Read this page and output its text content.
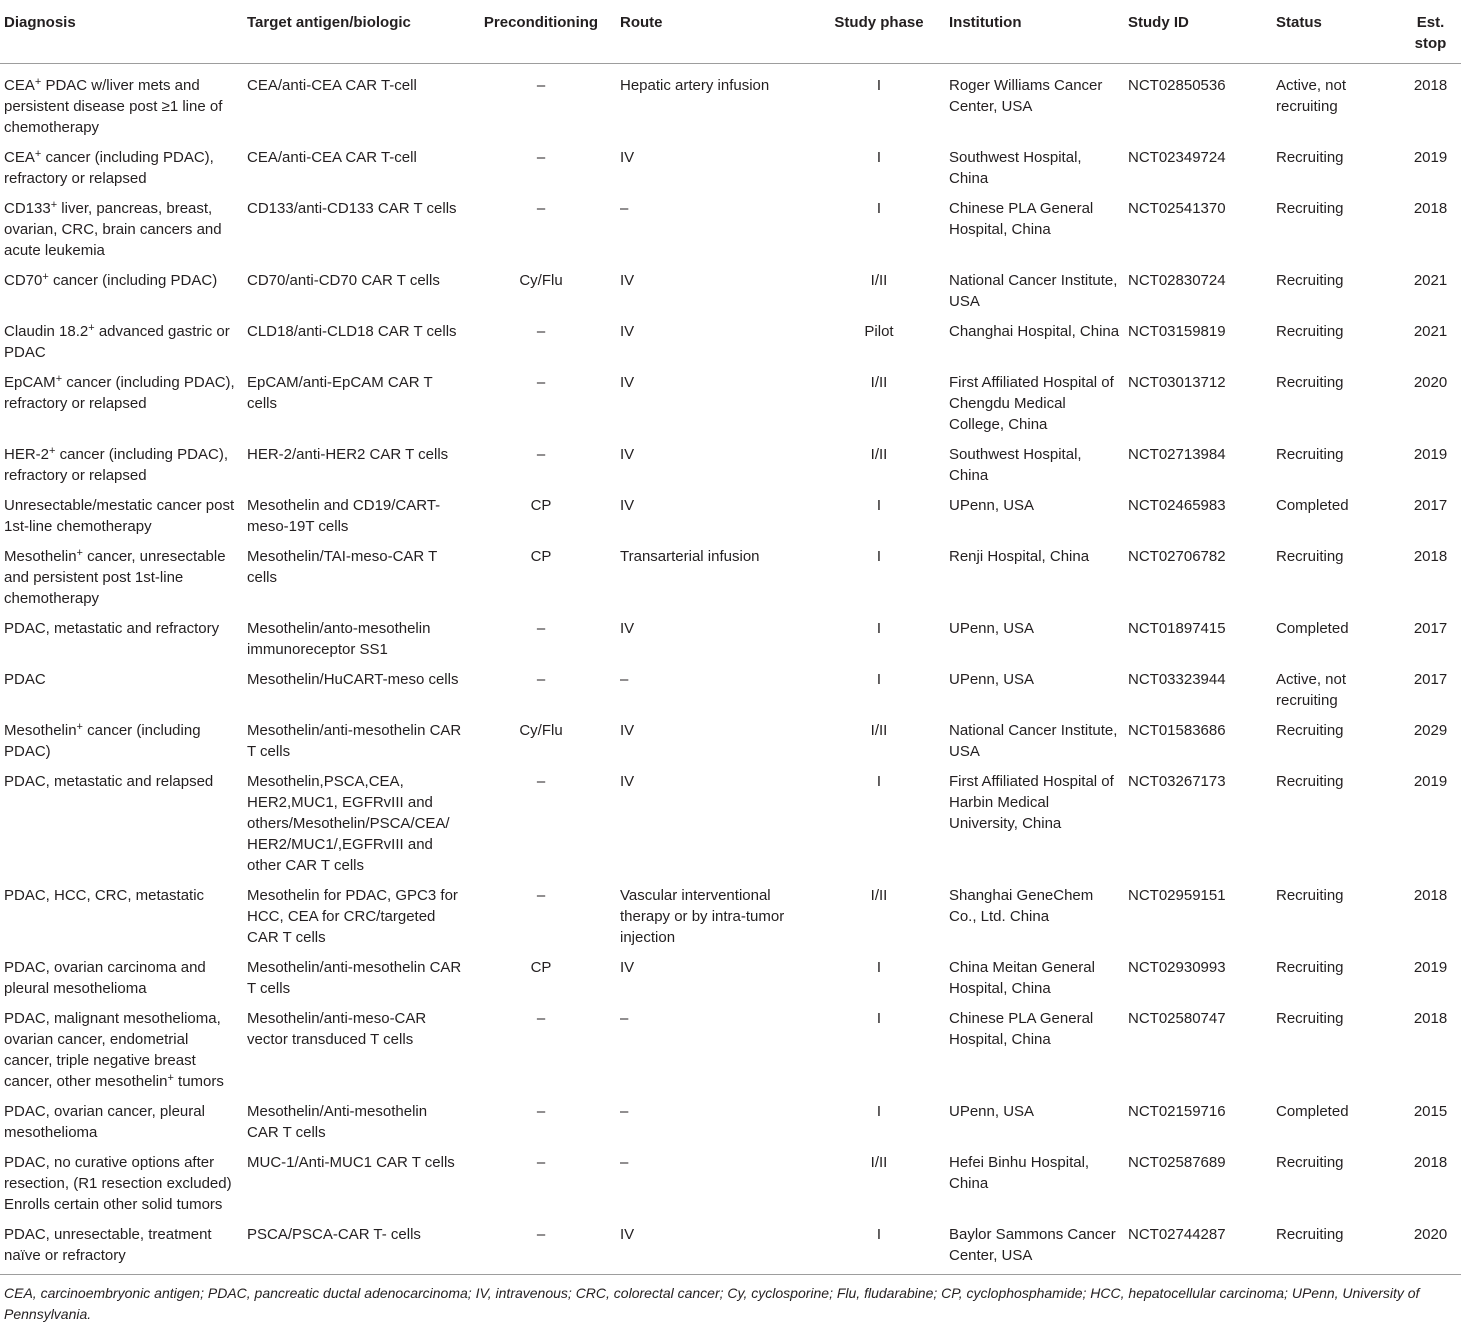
Diagnosis	Target antigen/biologic	Preconditioning	Route	Study phase	Institution	Study ID	Status	Est. stop
CEA+ PDAC w/liver mets and persistent disease post ≥1 line of chemotherapy	CEA/anti-CEA CAR T-cell	–	Hepatic artery infusion	I	Roger Williams Cancer Center, USA	NCT02850536	Active, not recruiting	2018
CEA+ cancer (including PDAC), refractory or relapsed	CEA/anti-CEA CAR T-cell	–	IV	I	Southwest Hospital, China	NCT02349724	Recruiting	2019
CD133+ liver, pancreas, breast, ovarian, CRC, brain cancers and acute leukemia	CD133/anti-CD133 CAR T cells	–	–	I	Chinese PLA General Hospital, China	NCT02541370	Recruiting	2018
CD70+ cancer (including PDAC)	CD70/anti-CD70 CAR T cells	Cy/Flu	IV	I/II	National Cancer Institute, USA	NCT02830724	Recruiting	2021
Claudin 18.2+ advanced gastric or PDAC	CLD18/anti-CLD18 CAR T cells	–	IV	Pilot	Changhai Hospital, China	NCT03159819	Recruiting	2021
EpCAM+ cancer (including PDAC), refractory or relapsed	EpCAM/anti-EpCAM CAR T cells	–	IV	I/II	First Affiliated Hospital of Chengdu Medical College, China	NCT03013712	Recruiting	2020
HER-2+ cancer (including PDAC), refractory or relapsed	HER-2/anti-HER2 CAR T cells	–	IV	I/II	Southwest Hospital, China	NCT02713984	Recruiting	2019
Unresectable/mestatic cancer post 1st-line chemotherapy	Mesothelin and CD19/CART-meso-19T cells	CP	IV	I	UPenn, USA	NCT02465983	Completed	2017
Mesothelin+ cancer, unresectable and persistent post 1st-line chemotherapy	Mesothelin/TAI-meso-CAR T cells	CP	Transarterial infusion	I	Renji Hospital, China	NCT02706782	Recruiting	2018
PDAC, metastatic and refractory	Mesothelin/anto-mesothelin immunoreceptor SS1	–	IV	I	UPenn, USA	NCT01897415	Completed	2017
PDAC	Mesothelin/HuCART-meso cells	–	–	I	UPenn, USA	NCT03323944	Active, not recruiting	2017
Mesothelin+ cancer (including PDAC)	Mesothelin/anti-mesothelin CAR T cells	Cy/Flu	IV	I/II	National Cancer Institute, USA	NCT01583686	Recruiting	2029
PDAC, metastatic and relapsed	Mesothelin,PSCA,CEA, HER2,MUC1, EGFRvIII and others/Mesothelin/PSCA/CEA/ HER2/MUC1/,EGFRvIII and other CAR T cells	–	IV	I	First Affiliated Hospital of Harbin Medical University, China	NCT03267173	Recruiting	2019
PDAC, HCC, CRC, metastatic	Mesothelin for PDAC, GPC3 for HCC, CEA for CRC/targeted CAR T cells	–	Vascular interventional therapy or by intra-tumor injection	I/II	Shanghai GeneChem Co., Ltd. China	NCT02959151	Recruiting	2018
PDAC, ovarian carcinoma and pleural mesothelioma	Mesothelin/anti-mesothelin CAR T cells	CP	IV	I	China Meitan General Hospital, China	NCT02930993	Recruiting	2019
PDAC, malignant mesothelioma, ovarian cancer, endometrial cancer, triple negative breast cancer, other mesothelin+ tumors	Mesothelin/anti-meso-CAR vector transduced T cells	–	–	I	Chinese PLA General Hospital, China	NCT02580747	Recruiting	2018
PDAC, ovarian cancer, pleural mesothelioma	Mesothelin/Anti-mesothelin CAR T cells	–	–	I	UPenn, USA	NCT02159716	Completed	2015
PDAC, no curative options after resection, (R1 resection excluded) Enrolls certain other solid tumors	MUC-1/Anti-MUC1 CAR T cells	–	–	I/II	Hefei Binhu Hospital, China	NCT02587689	Recruiting	2018
PDAC, unresectable, treatment naïve or refractory	PSCA/PSCA-CAR T- cells	–	IV	I	Baylor Sammons Cancer Center, USA	NCT02744287	Recruiting	2020
CEA, carcinoembryonic antigen; PDAC, pancreatic ductal adenocarcinoma; IV, intravenous; CRC, colorectal cancer; Cy, cyclosporine; Flu, fludarabine; CP, cyclophosphamide; HCC, hepatocellular carcinoma; UPenn, University of Pennsylvania.
